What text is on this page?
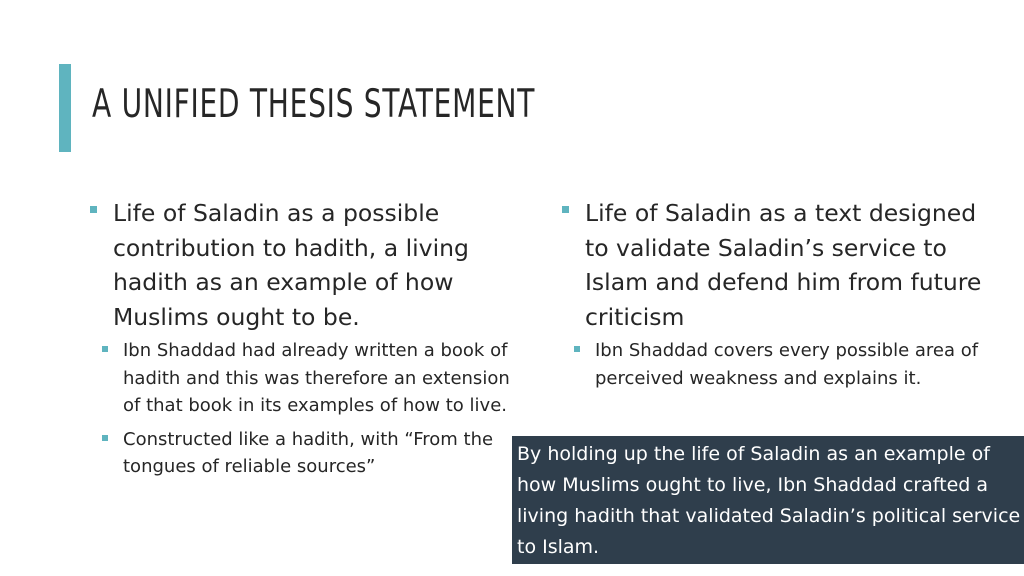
A UNIFIED THESIS STATEMENT
Life of Saladin as a possible contribution to hadith, a living hadith as an example of how Muslims ought to be.
Ibn Shaddad had already written a book of hadith and this was therefore an extension of that book in its examples of how to live.
Constructed like a hadith, with “From the tongues of reliable sources”
Life of Saladin as a text designed to validate Saladin’s service to Islam and defend him from future criticism
Ibn Shaddad covers every possible area of perceived weakness and explains it.
By holding up the life of Saladin as an example of how Muslims ought to live, Ibn Shaddad crafted a living hadith that validated Saladin’s political service to Islam.
